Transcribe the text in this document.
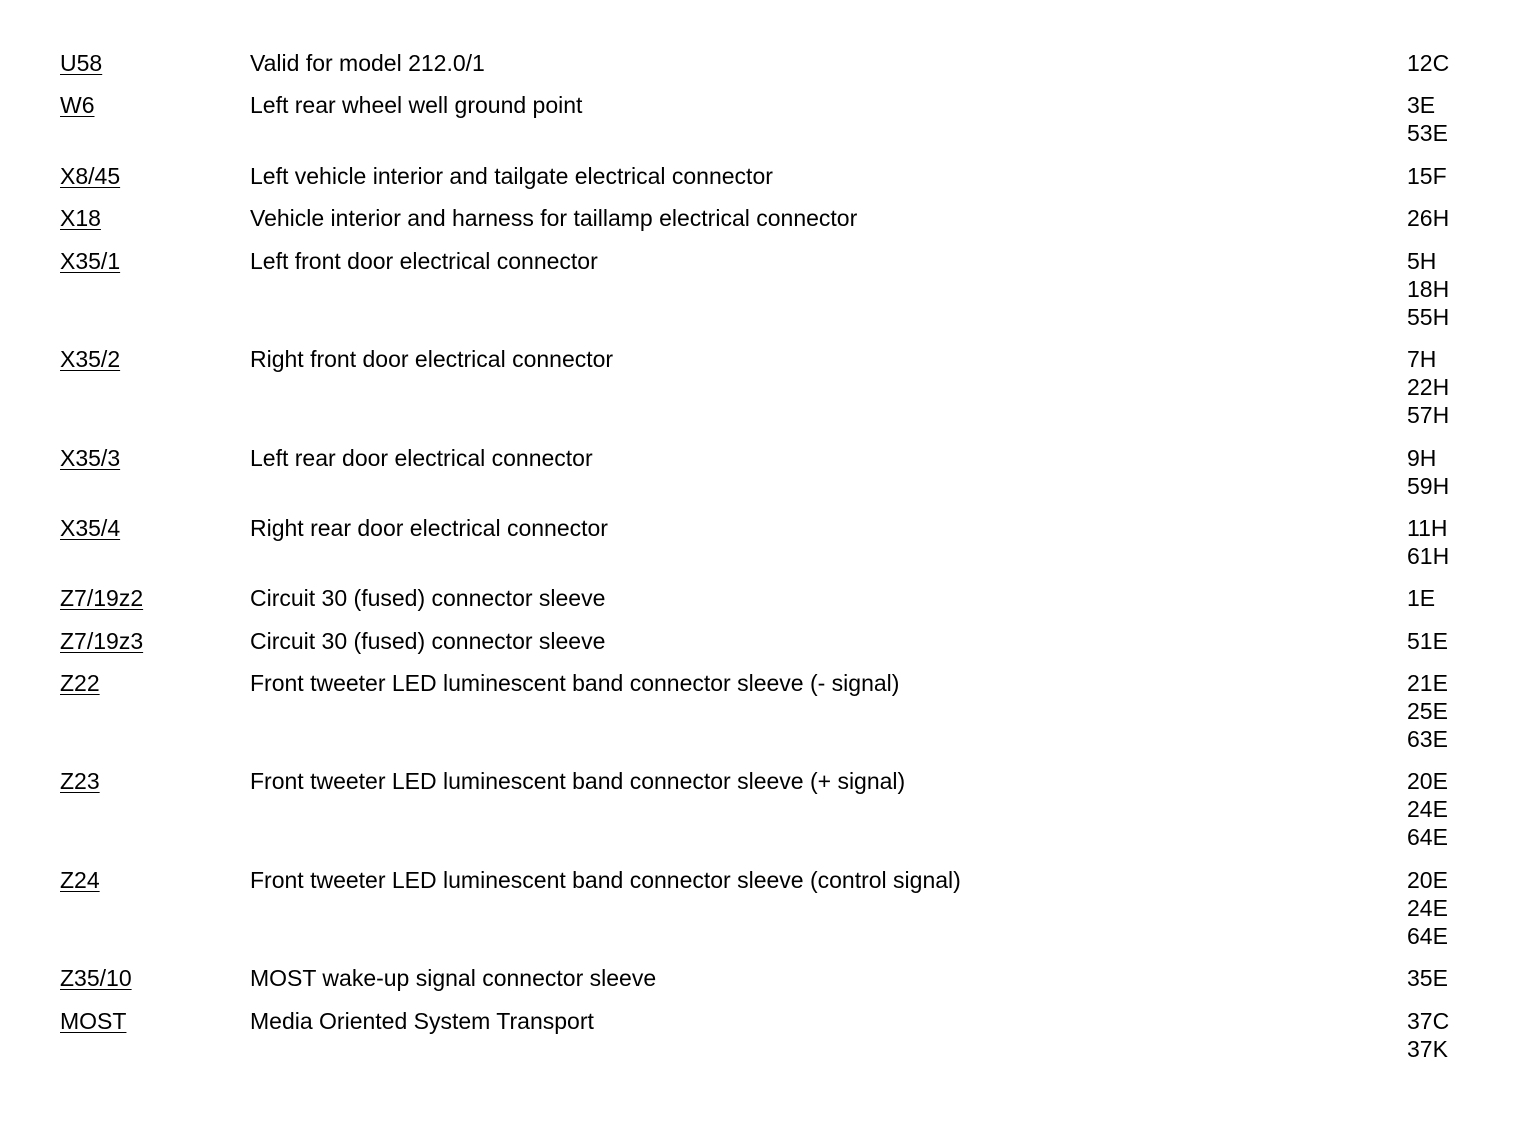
U58	Valid for model 212.0/1	12C
W6	Left rear wheel well ground point	3E
53E
X8/45	Left vehicle interior and tailgate electrical connector	15F
X18	Vehicle interior and harness for taillamp electrical connector	26H
X35/1	Left front door electrical connector	5H
18H
55H
X35/2	Right front door electrical connector	7H
22H
57H
X35/3	Left rear door electrical connector	9H
59H
X35/4	Right rear door electrical connector	11H
61H
Z7/19z2	Circuit 30 (fused) connector sleeve	1E
Z7/19z3	Circuit 30 (fused) connector sleeve	51E
Z22	Front tweeter LED luminescent band connector sleeve (- signal)	21E
25E
63E
Z23	Front tweeter LED luminescent band connector sleeve (+ signal)	20E
24E
64E
Z24	Front tweeter LED luminescent band connector sleeve (control signal)	20E
24E
64E
Z35/10	MOST wake-up signal connector sleeve	35E
MOST	Media Oriented System Transport	37C
37K
